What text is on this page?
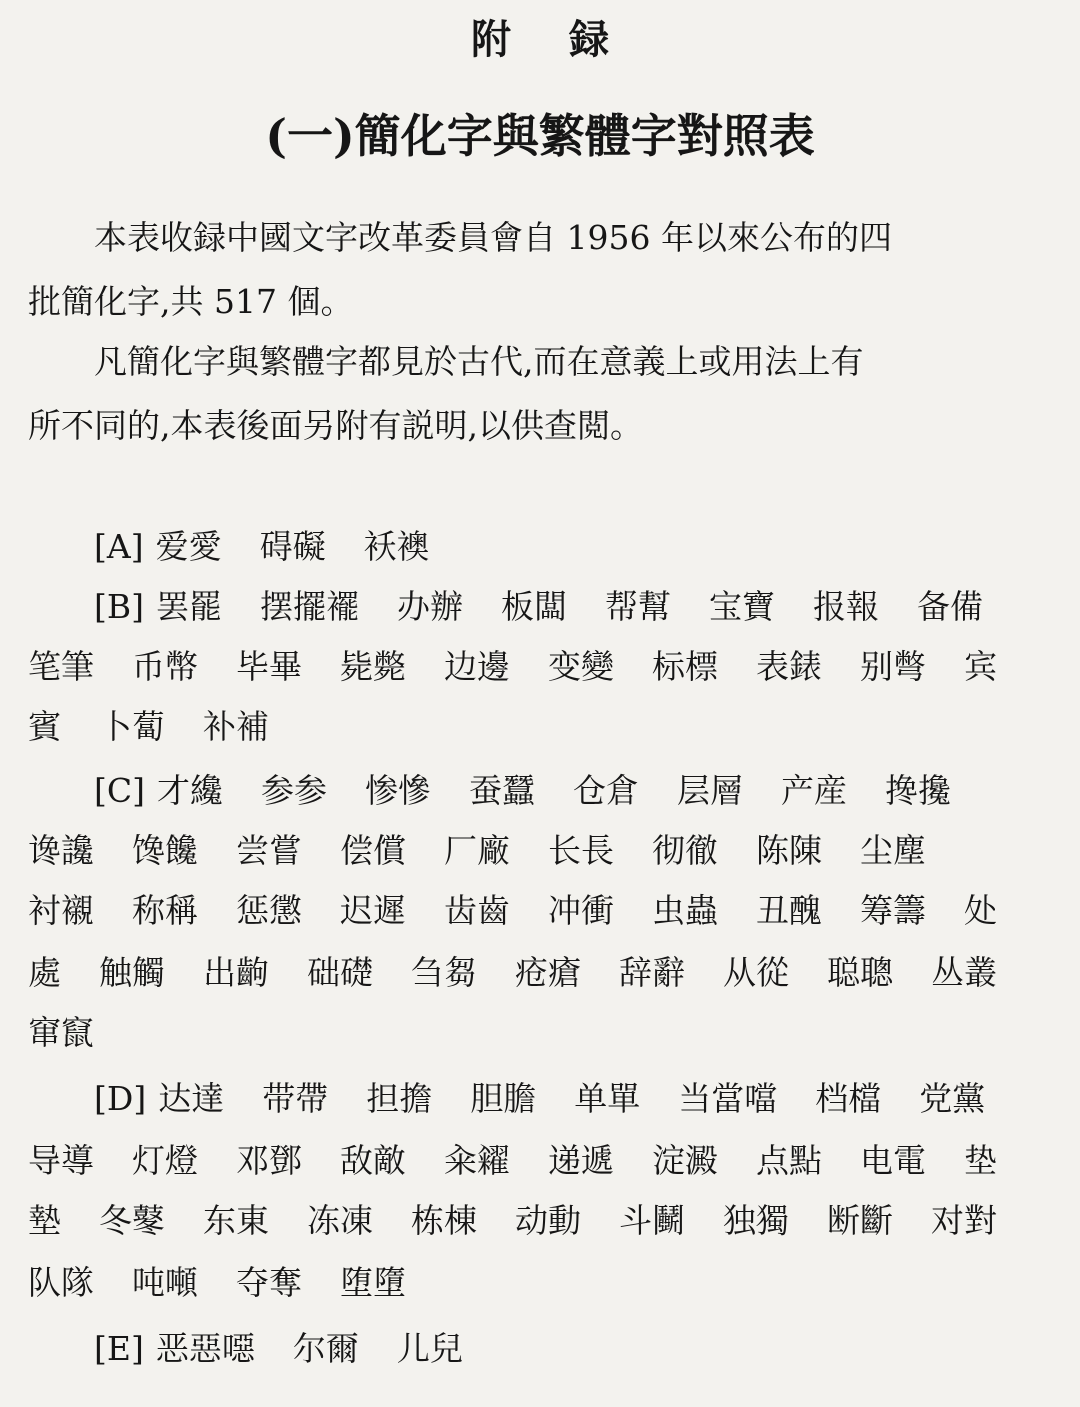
附録
(一)簡化字與繁體字對照表

本表收録中國文字改革委員會自 1956 年以來公布的四

批簡化字,共 517 個。

凡簡化字與繁體字都見於古代,而在意義上或用法上有

所不同的,本表後面另附有説明,以供查閲。

[A] 爱愛 碍礙 袄襖
[B] 罢罷 摆擺襬 办辦 板闆 帮幫 宝寶 报報 备備
笔筆 币幣 毕畢 毙斃 边邊 变變 标標 表錶 别彆 宾
賓 卜蔔 补補
[C] 才纔 参参 惨慘 蚕蠶 仓倉 层層 产産 搀攙
谗讒 馋饞 尝嘗 偿償 厂廠 长長 彻徹 陈陳 尘塵
衬襯 称稱 惩懲 迟遲 齿齒 冲衝 虫蟲 丑醜 筹籌 处
處 触觸 出齣 础礎 刍芻 疮瘡 辞辭 从從 聪聰 丛叢
窜竄
[D] 达達 带帶 担擔 胆膽 单單 当當噹 档檔 党黨
导導 灯燈 邓鄧 敌敵 籴糴 递遞 淀澱 点點 电電 垫
墊 冬鼕 东東 冻凍 栋棟 动動 斗鬭 独獨 断斷 对對
队隊 吨噸 夺奪 堕墮
[E] 恶惡噁 尔爾 儿兒
